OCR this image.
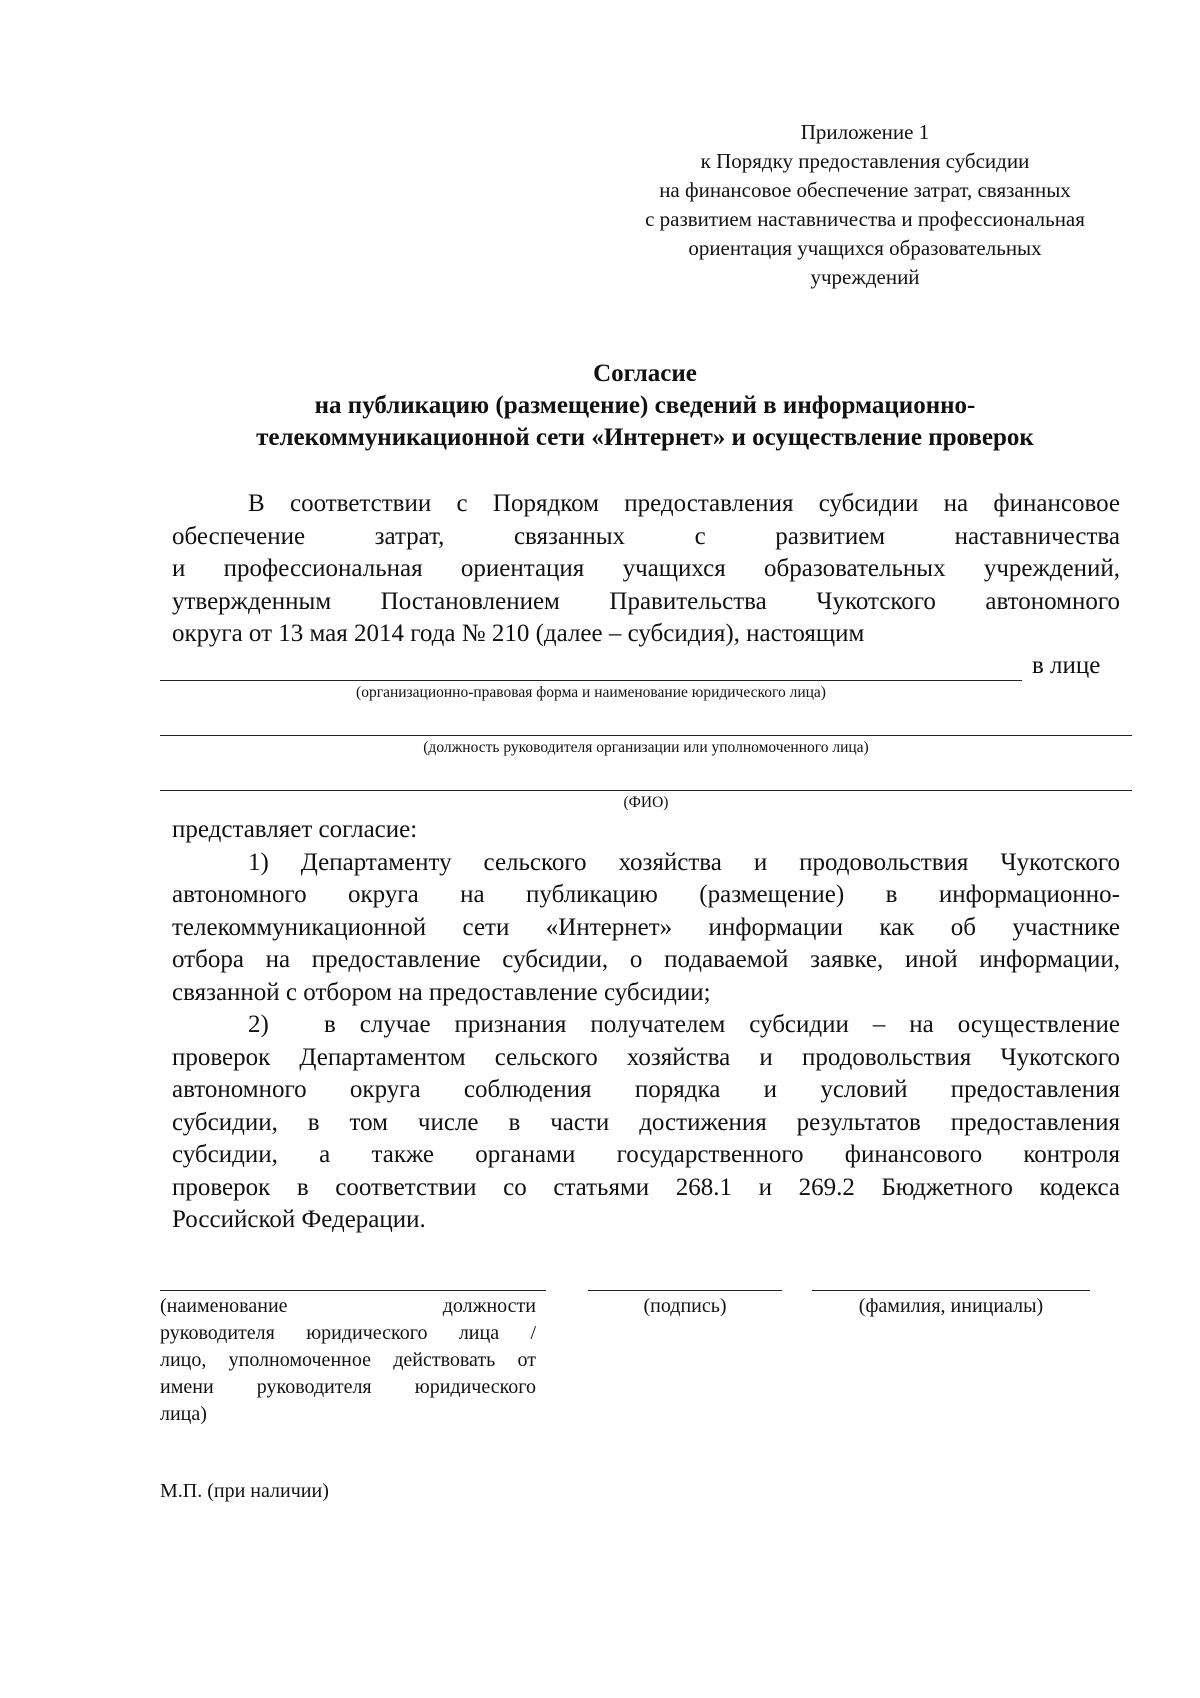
Приложение 1
к Порядку предоставления субсидии
на финансовое обеспечение затрат, связанных
с развитием наставничества и профессиональная
ориентация учащихся образовательных
учреждений
Согласие
на публикацию (размещение) сведений в информационно-
телекоммуникационной сети «Интернет» и осуществление проверок
В соответствии с Порядком предоставления субсидии на финансовое
обеспечение затрат, связанных с развитием наставничества
и профессиональная ориентация учащихся образовательных учреждений,
утвержденным Постановлением Правительства Чукотского автономного
округа от 13 мая 2014 года № 210 (далее – субсидия), настоящим
в лице
(организационно-правовая форма и наименование юридического лица)
(должность руководителя организации или уполномоченного лица)
(ФИО)
представляет согласие:
1) Департаменту сельского хозяйства и продовольствия Чукотского
автономного округа на публикацию (размещение) в информационно-
телекоммуникационной сети «Интернет» информации как об участнике
отбора на предоставление субсидии, о подаваемой заявке, иной информации,
связанной с отбором на предоставление субсидии;
2)	в случае признания получателем субсидии – на осуществление
проверок Департаментом сельского хозяйства и продовольствия Чукотского
автономного округа соблюдения порядка и условий предоставления
субсидии, в том числе в части достижения результатов предоставления
субсидии, а также органами государственного финансового контроля
проверок в соответствии со статьями 268.1 и 269.2 Бюджетного кодекса
Российской Федерации.
(наименование должности
руководителя юридического лица /
лицо, уполномоченное действовать от
имени руководителя юридического
лица)
(подпись)	(фамилия, инициалы)
М.П. (при наличии)
